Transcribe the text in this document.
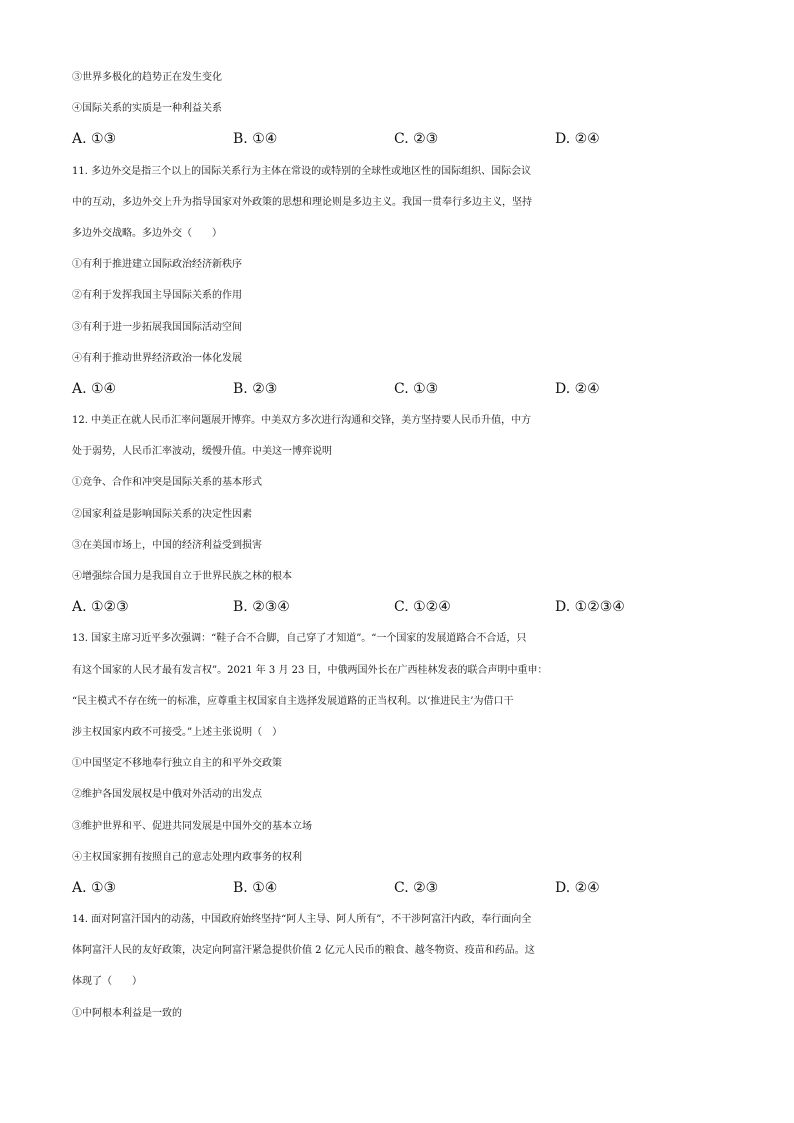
③世界多极化的趋势正在发生变化
④国际关系的实质是一种利益关系
A. ①③	B. ①④	C. ②③	D. ②④
11. 多边外交是指三个以上的国际关系行为主体在常设的或特别的全球性或地区性的国际组织、国际会议
中的互动，多边外交上升为指导国家对外政策的思想和理论则是多边主义。我国一贯奉行多边主义，坚持
多边外交战略。多边外交（　　）
①有利于推进建立国际政治经济新秩序
②有利于发挥我国主导国际关系的作用
③有利于进一步拓展我国国际活动空间
④有利于推动世界经济政治一体化发展
A. ①④	B. ②③	C. ①③	D. ②④
12. 中美正在就人民币汇率问题展开博弈。中美双方多次进行沟通和交锋，美方坚持要人民币升值，中方
处于弱势，人民币汇率波动，缓慢升值。中美这一博弈说明
①竞争、合作和冲突是国际关系的基本形式
②国家利益是影响国际关系的决定性因素
③在美国市场上，中国的经济利益受到损害
④增强综合国力是我国自立于世界民族之林的根本
A. ①②③	B. ②③④	C. ①②④	D. ①②③④
13. 国家主席习近平多次强调：“鞋子合不合脚，自己穿了才知道”。“一个国家的发展道路合不合适，只
有这个国家的人民才最有发言权”。2021 年 3 月 23 日，中俄两国外长在广西桂林发表的联合声明中重申：
“民主模式不存在统一的标准，应尊重主权国家自主选择发展道路的正当权利。以‘推进民主’为借口干
涉主权国家内政不可接受。”上述主张说明（　）
①中国坚定不移地奉行独立自主的和平外交政策
②维护各国发展权是中俄对外活动的出发点
③维护世界和平、促进共同发展是中国外交的基本立场
④主权国家拥有按照自己的意志处理内政事务的权利
A. ①③	B. ①④	C. ②③	D. ②④
14. 面对阿富汗国内的动荡，中国政府始终坚持“阿人主导、阿人所有”，不干涉阿富汗内政，奉行面向全
体阿富汗人民的友好政策，决定向阿富汗紧急提供价值 2 亿元人民币的粮食、越冬物资、疫苗和药品。这
体现了（　　）
①中阿根本利益是一致的
